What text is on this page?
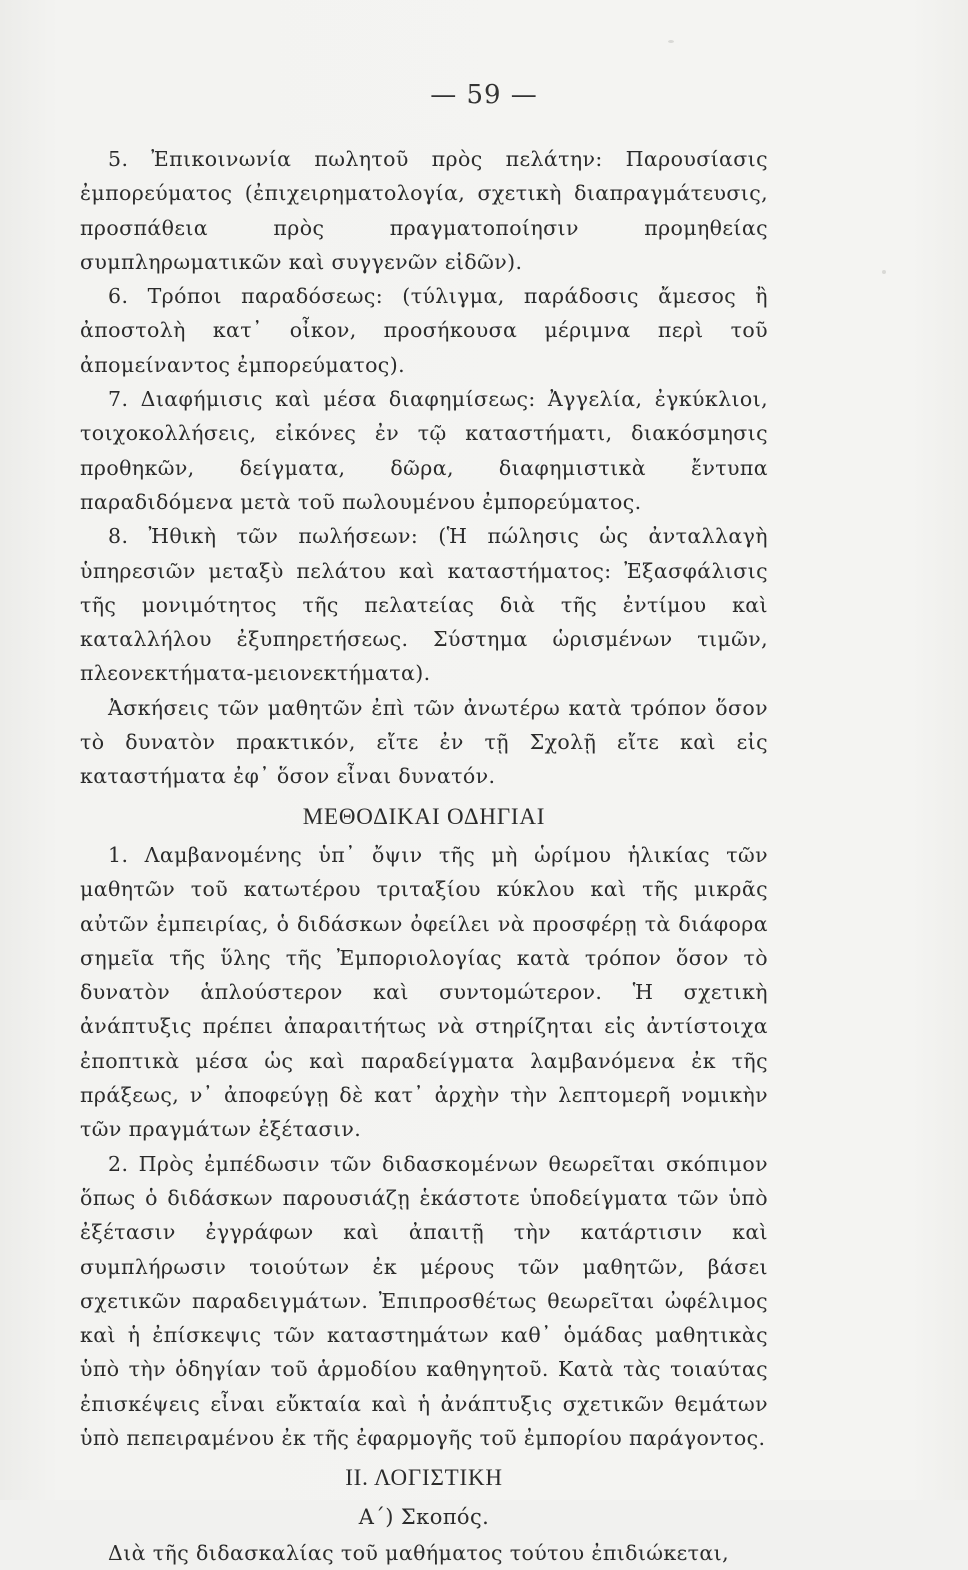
— 59 —

5. Ἐπικοινωνία πωλητοῦ πρὸς πελάτην: Παρουσίασις ἐμπορεύματος (ἐπιχειρηματολογία, σχετικὴ διαπραγμάτευσις, προσπάθεια πρὸς πραγματοποίησιν προμηθείας συμπληρωματικῶν καὶ συγγενῶν εἰδῶν).

6. Τρόποι παραδόσεως: (τύλιγμα, παράδοσις ἄμεσος ἢ ἀποστολὴ κατ᾽ οἶκον, προσήκουσα μέριμνα περὶ τοῦ ἀπομείναντος ἐμπορεύματος).

7. Διαφήμισις καὶ μέσα διαφημίσεως: Ἀγγελία, ἐγκύκλιοι, τοιχοκολλήσεις, εἰκόνες ἐν τῷ καταστήματι, διακόσμησις προθηκῶν, δείγματα, δῶρα, διαφημιστικὰ ἔντυπα παραδιδόμενα μετὰ τοῦ πωλουμένου ἐμπορεύματος.

8. Ἠθικὴ τῶν πωλήσεων: (Ἡ πώλησις ὡς ἀνταλλαγὴ ὑπηρεσιῶν μεταξὺ πελάτου καὶ καταστήματος: Ἐξασφάλισις τῆς μονιμότητος τῆς πελατείας διὰ τῆς ἐντίμου καὶ καταλλήλου ἐξυπηρετήσεως. Σύστημα ὡρισμένων τιμῶν, πλεονεκτήματα-μειονεκτήματα).

Ἀσκήσεις τῶν μαθητῶν ἐπὶ τῶν ἀνωτέρω κατὰ τρόπον ὅσον τὸ δυνατὸν πρακτικόν, εἴτε ἐν τῇ Σχολῇ εἴτε καὶ εἰς καταστήματα ἐφ᾽ ὅσον εἶναι δυνατόν.

ΜΕΘΟΔΙΚΑΙ ΟΔΗΓΙΑΙ

1. Λαμβανομένης ὑπ᾽ ὄψιν τῆς μὴ ὡρίμου ἡλικίας τῶν μαθητῶν τοῦ κατωτέρου τριταξίου κύκλου καὶ τῆς μικρᾶς αὐτῶν ἐμπειρίας, ὁ διδάσκων ὀφείλει νὰ προσφέρῃ τὰ διάφορα σημεῖα τῆς ὕλης τῆς Ἐμποριολογίας κατὰ τρόπον ὅσον τὸ δυνατὸν ἁπλούστερον καὶ συντομώτερον. Ἡ σχετικὴ ἀνάπτυξις πρέπει ἀπαραιτήτως νὰ στηρίζηται εἰς ἀντίστοιχα ἐποπτικὰ μέσα ὡς καὶ παραδείγματα λαμβανόμενα ἐκ τῆς πράξεως, ν᾽ ἀποφεύγῃ δὲ κατ᾽ ἀρχὴν τὴν λεπτομερῆ νομικὴν τῶν πραγμάτων ἐξέτασιν.

2. Πρὸς ἐμπέδωσιν τῶν διδασκομένων θεωρεῖται σκόπιμον ὅπως ὁ διδάσκων παρουσιάζῃ ἑκάστοτε ὑποδείγματα τῶν ὑπὸ ἐξέτασιν ἐγγράφων καὶ ἀπαιτῇ τὴν κατάρτισιν καὶ συμπλήρωσιν τοιούτων ἐκ μέρους τῶν μαθητῶν, βάσει σχετικῶν παραδειγμάτων. Ἐπιπροσθέτως θεωρεῖται ὠφέλιμος καὶ ἡ ἐπίσκεψις τῶν καταστημάτων καθ᾽ ὁμάδας μαθητικὰς ὑπὸ τὴν ὁδηγίαν τοῦ ἁρμοδίου καθηγητοῦ. Κατὰ τὰς τοιαύτας ἐπισκέψεις εἶναι εὔκταία καὶ ἡ ἀνάπτυξις σχετικῶν θεμάτων ὑπὸ πεπειραμένου ἐκ τῆς ἐφαρμογῆς τοῦ ἐμπορίου παράγοντος.

ΙΙ. ΛΟΓΙΣΤΙΚΗ

Α΄) Σκοπός.

Διὰ τῆς διδασκαλίας τοῦ μαθήματος τούτου ἐπιδιώκεται,
